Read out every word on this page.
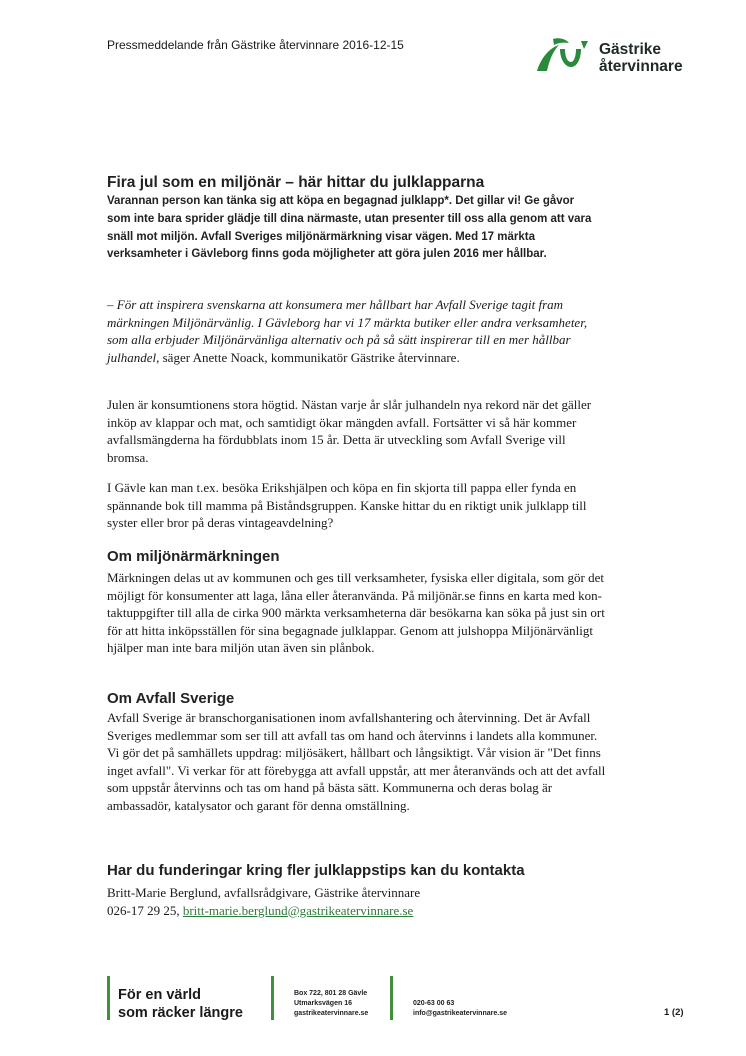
Pressmeddelande från Gästrike återvinnare 2016-12-15	Gästrike
återvinnare
Fira jul som en miljönär – här hittar du julklapparna
Varannan person kan tänka sig att köpa en begagnad julklapp*. Det gillar vi! Ge gåvor som inte bara sprider glädje till dina närmaste, utan presenter till oss alla genom att vara snäll mot miljön. Avfall Sveriges miljönärmärkning visar vägen. Med 17 märkta verksamheter i Gävleborg finns goda möjligheter att göra julen 2016 mer hållbar.
– För att inspirera svenskarna att konsumera mer hållbart har Avfall Sverige tagit fram märkningen Miljönärvänlig. I Gävleborg har vi 17 märkta butiker eller andra verksamheter, som alla erbjuder Miljönärvänliga alternativ och på så sätt inspirerar till en mer hållbar julhandel, säger Anette Noack, kommunikatör Gästrike återvinnare.
Julen är konsumtionens stora högtid. Nästan varje år slår julhandeln nya rekord när det gäller inköp av klappar och mat, och samtidigt ökar mängden avfall. Fortsätter vi så här kommer avfallsmängderna ha fördubblats inom 15 år. Detta är utveckling som Avfall Sverige vill bromsa.
I Gävle kan man t.ex. besöka Erikshjälpen och köpa en fin skjorta till pappa eller fynda en spännande bok till mamma på Biståndsgruppen. Kanske hittar du en riktigt unik julklapp till syster eller bror på deras vintageavdelning?
Om miljönärmärkningen
Märkningen delas ut av kommunen och ges till verksamheter, fysiska eller digitala, som gör det möjligt för konsumenter att laga, låna eller återanvända. På miljönär.se finns en karta med kon-taktuppgifter till alla de cirka 900 märkta verksamheterna där besökarna kan söka på just sin ort för att hitta inköpsställen för sina begagnade julklappar. Genom att julshoppa Miljönärvänligt hjälper man inte bara miljön utan även sin plånbok.
Om Avfall Sverige
Avfall Sverige är branschorganisationen inom avfallshantering och återvinning. Det är Avfall Sveriges medlemmar som ser till att avfall tas om hand och återvinns i landets alla kommuner. Vi gör det på samhällets uppdrag: miljösäkert, hållbart och långsiktigt. Vår vision är "Det finns inget avfall". Vi verkar för att förebygga att avfall uppstår, att mer återanvänds och att det avfall som uppstår återvinns och tas om hand på bästa sätt. Kommunerna och deras bolag är ambassadör, katalysator och garant för denna omställning.
Har du funderingar kring fler julklappstips kan du kontakta
Britt-Marie Berglund, avfallsrådgivare, Gästrike återvinnare
026-17 29 25, britt-marie.berglund@gastrikeatervinnare.se
För en värld
som räcker längre
Box 722, 801 28 Gävle
Utmarksvägen 16
gastrikeatervinnare.se
020-63 00 63
info@gastrikeatervinnare.se	1 (2)
